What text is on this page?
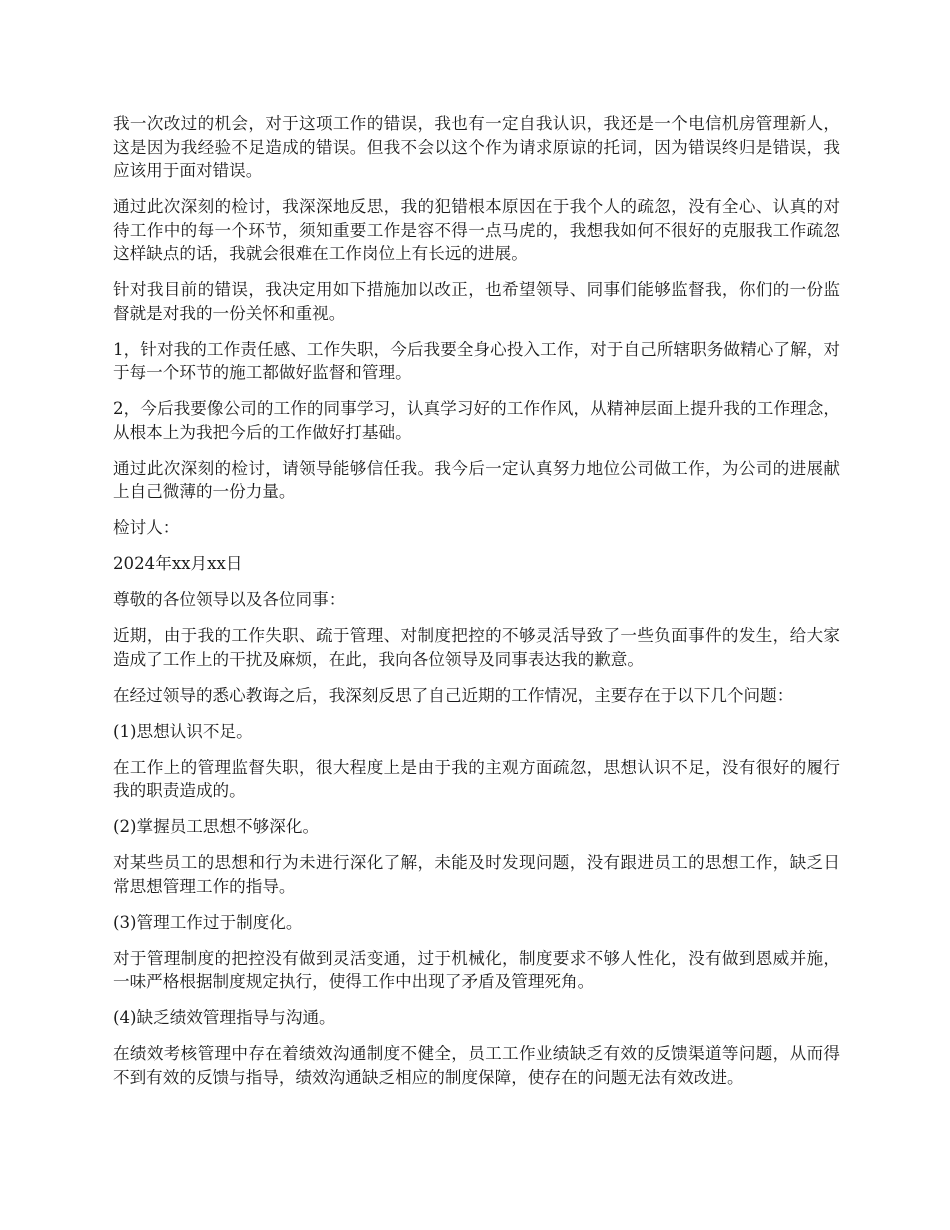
我一次改过的机会，对于这项工作的错误，我也有一定自我认识，我还是一个电信机房管理新人，这是因为我经验不足造成的错误。但我不会以这个作为请求原谅的托词，因为错误终归是错误，我应该用于面对错误。

通过此次深刻的检讨，我深深地反思，我的犯错根本原因在于我个人的疏忽，没有全心、认真的对待工作中的每一个环节，须知重要工作是容不得一点马虎的，我想我如何不很好的克服我工作疏忽这样缺点的话，我就会很难在工作岗位上有长远的进展。

针对我目前的错误，我决定用如下措施加以改正，也希望领导、同事们能够监督我，你们的一份监督就是对我的一份关怀和重视。

1，针对我的工作责任感、工作失职，今后我要全身心投入工作，对于自己所辖职务做精心了解，对于每一个环节的施工都做好监督和管理。

2，今后我要像公司的工作的同事学习，认真学习好的工作作风，从精神层面上提升我的工作理念，从根本上为我把今后的工作做好打基础。

通过此次深刻的检讨，请领导能够信任我。我今后一定认真努力地位公司做工作，为公司的进展献上自己微薄的一份力量。

检讨人：

2024年xx月xx日

尊敬的各位领导以及各位同事：

近期，由于我的工作失职、疏于管理、对制度把控的不够灵活导致了一些负面事件的发生，给大家造成了工作上的干扰及麻烦，在此，我向各位领导及同事表达我的歉意。

在经过领导的悉心教诲之后，我深刻反思了自己近期的工作情况，主要存在于以下几个问题：

(1)思想认识不足。

在工作上的管理监督失职，很大程度上是由于我的主观方面疏忽，思想认识不足，没有很好的履行我的职责造成的。

(2)掌握员工思想不够深化。

对某些员工的思想和行为未进行深化了解，未能及时发现问题，没有跟进员工的思想工作，缺乏日常思想管理工作的指导。

(3)管理工作过于制度化。

对于管理制度的把控没有做到灵活变通，过于机械化，制度要求不够人性化，没有做到恩威并施，一味严格根据制度规定执行，使得工作中出现了矛盾及管理死角。

(4)缺乏绩效管理指导与沟通。

在绩效考核管理中存在着绩效沟通制度不健全，员工工作业绩缺乏有效的反馈渠道等问题，从而得不到有效的反馈与指导，绩效沟通缺乏相应的制度保障，使存在的问题无法有效改进。
